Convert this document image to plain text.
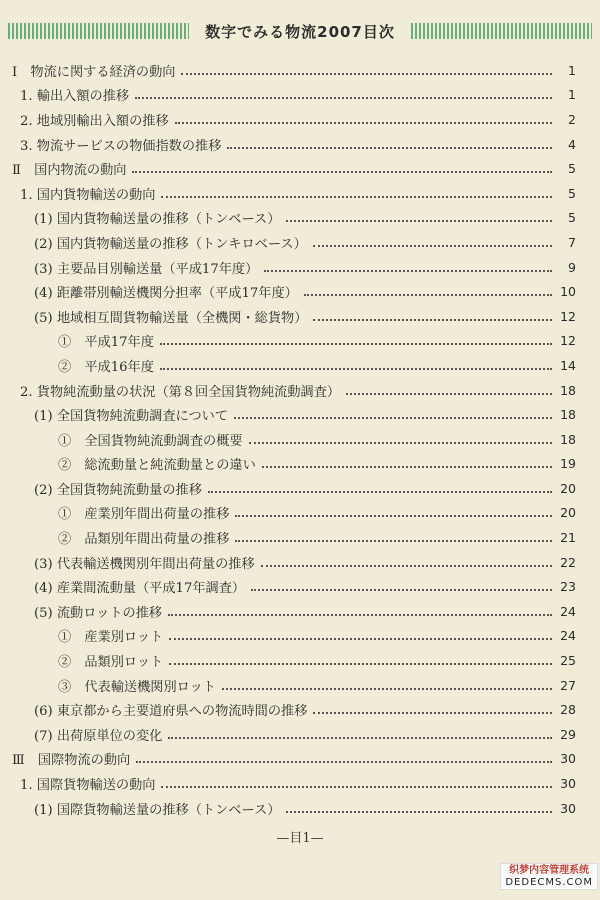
数字でみる物流2007目次
Ⅰ　物流に関する経済の動向	1
1. 輸出入額の推移	1
2. 地域別輸出入額の推移	2
3. 物流サービスの物価指数の推移	4
Ⅱ　国内物流の動向	5
1. 国内貨物輸送の動向	5
(1) 国内貨物輸送量の推移（トンベース）	5
(2) 国内貨物輸送量の推移（トンキロベース）	7
(3) 主要品目別輸送量（平成17年度）	9
(4) 距離帯別輸送機関分担率（平成17年度）	10
(5) 地域相互間貨物輸送量（全機関・総貨物）	12
①　平成17年度	12
②　平成16年度	14
2. 貨物純流動量の状況（第８回全国貨物純流動調査）	18
(1) 全国貨物純流動調査について	18
①　全国貨物純流動調査の概要	18
②　総流動量と純流動量との違い	19
(2) 全国貨物純流動量の推移	20
①　産業別年間出荷量の推移	20
②　品類別年間出荷量の推移	21
(3) 代表輸送機関別年間出荷量の推移	22
(4) 産業間流動量（平成17年調査）	23
(5) 流動ロットの推移	24
①　産業別ロット	24
②　品類別ロット	25
③　代表輸送機関別ロット	27
(6) 東京都から主要道府県への物流時間の推移	28
(7) 出荷原単位の変化	29
Ⅲ　国際物流の動向	30
1. 国際貨物輸送の動向	30
(1) 国際貨物輸送量の推移（トンベース）	30
—目1—
织梦内容管理系统
DEDECMS.COM
